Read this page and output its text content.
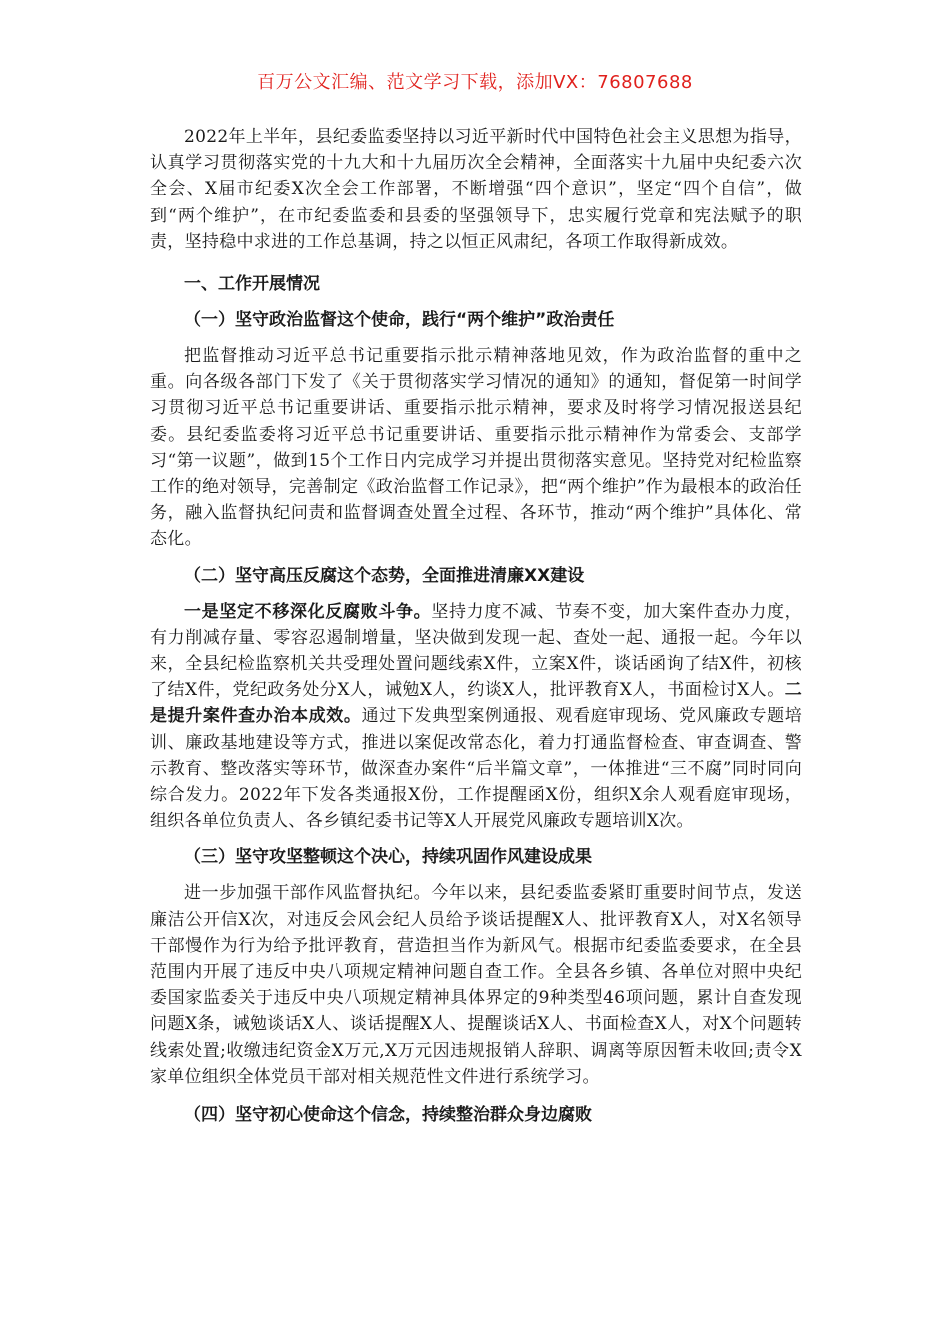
百万公文汇编、范文学习下载，添加VX：76807688

2022年上半年，县纪委监委坚持以习近平新时代中国特色社会主义思想为指导，认真学习贯彻落实党的十九大和十九届历次全会精神，全面落实十九届中央纪委六次全会、X届市纪委X次全会工作部署，不断增强“四个意识”，坚定“四个自信”，做到“两个维护”，在市纪委监委和县委的坚强领导下，忠实履行党章和宪法赋予的职责，坚持稳中求进的工作总基调，持之以恒正风肃纪，各项工作取得新成效。

一、工作开展情况
（一）坚守政治监督这个使命，践行“两个维护”政治责任

把监督推动习近平总书记重要指示批示精神落地见效，作为政治监督的重中之重。向各级各部门下发了《关于贯彻落实学习情况的通知》的通知，督促第一时间学习贯彻习近平总书记重要讲话、重要指示批示精神，要求及时将学习情况报送县纪委。县纪委监委将习近平总书记重要讲话、重要指示批示精神作为常委会、支部学习“第一议题”，做到15个工作日内完成学习并提出贯彻落实意见。坚持党对纪检监察工作的绝对领导，完善制定《政治监督工作记录》，把“两个维护”作为最根本的政治任务，融入监督执纪问责和监督调查处置全过程、各环节，推动“两个维护”具体化、常态化。

（二）坚守高压反腐这个态势，全面推进清廉XX建设

一是坚定不移深化反腐败斗争。坚持力度不减、节奏不变，加大案件查办力度，有力削减存量、零容忍遏制增量，坚决做到发现一起、查处一起、通报一起。今年以来，全县纪检监察机关共受理处置问题线索X件，立案X件，谈话函询了结X件，初核了结X件，党纪政务处分X人，诫勉X人，约谈X人，批评教育X人，书面检讨X人。二是提升案件查办治本成效。通过下发典型案例通报、观看庭审现场、党风廉政专题培训、廉政基地建设等方式，推进以案促改常态化，着力打通监督检查、审查调查、警示教育、整改落实等环节，做深查办案件“后半篇文章”，一体推进“三不腐”同时同向综合发力。2022年下发各类通报X份，工作提醒函X份，组织X余人观看庭审现场，组织各单位负责人、各乡镇纪委书记等X人开展党风廉政专题培训X次。

（三）坚守攻坚整顿这个决心，持续巩固作风建设成果

进一步加强干部作风监督执纪。今年以来，县纪委监委紧盯重要时间节点，发送廉洁公开信X次，对违反会风会纪人员给予谈话提醒X人、批评教育X人，对X名领导干部慢作为行为给予批评教育，营造担当作为新风气。根据市纪委监委要求，在全县范围内开展了违反中央八项规定精神问题自查工作。全县各乡镇、各单位对照中央纪委国家监委关于违反中央八项规定精神具体界定的9种类型46项问题，累计自查发现问题X条，诫勉谈话X人、谈话提醒X人、提醒谈话X人、书面检查X人，对X个问题转线索处置;收缴违纪资金X万元,X万元因违规报销人辞职、调离等原因暂未收回;责令X家单位组织全体党员干部对相关规范性文件进行系统学习。

（四）坚守初心使命这个信念，持续整治群众身边腐败
